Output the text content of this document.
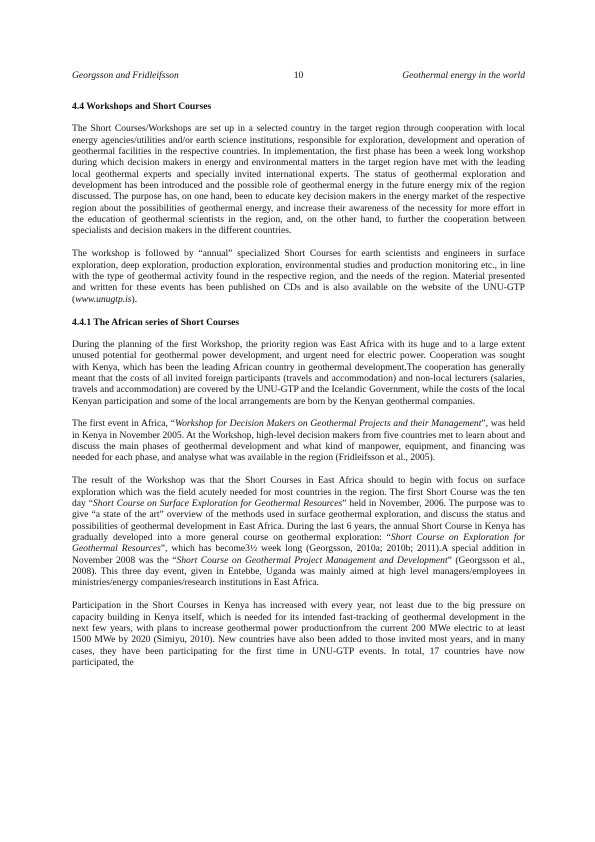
Georgsson and Fridleifsson	10	Geothermal energy in the world
4.4 Workshops and Short Courses

The Short Courses/Workshops are set up in a selected country in the target region through cooperation with local energy agencies/utilities and/or earth science institutions, responsible for exploration, development and operation of geothermal facilities in the respective countries. In implementation, the first phase has been a week long workshop during which decision makers in energy and environmental matters in the target region have met with the leading local geothermal experts and specially invited international experts. The status of geothermal exploration and development has been introduced and the possible role of geothermal energy in the future energy mix of the region discussed. The purpose has, on one hand, been to educate key decision makers in the energy market of the respective region about the possibilities of geothermal energy, and increase their awareness of the necessity for more effort in the education of geothermal scientists in the region, and, on the other hand, to further the cooperation between specialists and decision makers in the different countries.

The workshop is followed by “annual” specialized Short Courses for earth scientists and engineers in surface exploration, deep exploration, production exploration, environmental studies and production monitoring etc., in line with the type of geothermal activity found in the respective region, and the needs of the region. Material presented and written for these events has been published on CDs and is also available on the website of the UNU-GTP (www.unugtp.is).

4.4.1 The African series of Short Courses

During the planning of the first Workshop, the priority region was East Africa with its huge and to a large extent unused potential for geothermal power development, and urgent need for electric power. Cooperation was sought with Kenya, which has been the leading African country in geothermal development.The cooperation has generally meant that the costs of all invited foreign participants (travels and accommodation) and non-local lecturers (salaries, travels and accommodation) are covered by the UNU-GTP and the Icelandic Government, while the costs of the local Kenyan participation and some of the local arrangements are born by the Kenyan geothermal companies.

The first event in Africa, “Workshop for Decision Makers on Geothermal Projects and their Management”, was held in Kenya in November 2005. At the Workshop, high-level decision makers from five countries met to learn about and discuss the main phases of geothermal development and what kind of manpower, equipment, and financing was needed for each phase, and analyse what was available in the region (Fridleifsson et al., 2005).

The result of the Workshop was that the Short Courses in East Africa should to begin with focus on surface exploration which was the field acutely needed for most countries in the region. The first Short Course was the ten day “Short Course on Surface Exploration for Geothermal Resources” held in November, 2006. The purpose was to give “a state of the art” overview of the methods used in surface geothermal exploration, and discuss the status and possibilities of geothermal development in East Africa. During the last 6 years, the annual Short Course in Kenya has gradually developed into a more general course on geothermal exploration: “Short Course on Exploration for Geothermal Resources”, which has become3½ week long (Georgsson, 2010a; 2010b; 2011).A special addition in November 2008 was the “Short Course on Geothermal Project Management and Development” (Georgsson et al., 2008). This three day event, given in Entebbe, Uganda was mainly aimed at high level managers/employees in ministries/energy companies/research institutions in East Africa.

Participation in the Short Courses in Kenya has increased with every year, not least due to the big pressure on capacity building in Kenya itself, which is needed for its intended fast-tracking of geothermal development in the next few years, with plans to increase geothermal power productionfrom the current 200 MWe electric to at least 1500 MWe by 2020 (Simiyu, 2010). New countries have also been added to those invited most years, and in many cases, they have been participating for the first time in UNU-GTP events. In total, 17 countries have now participated, the
